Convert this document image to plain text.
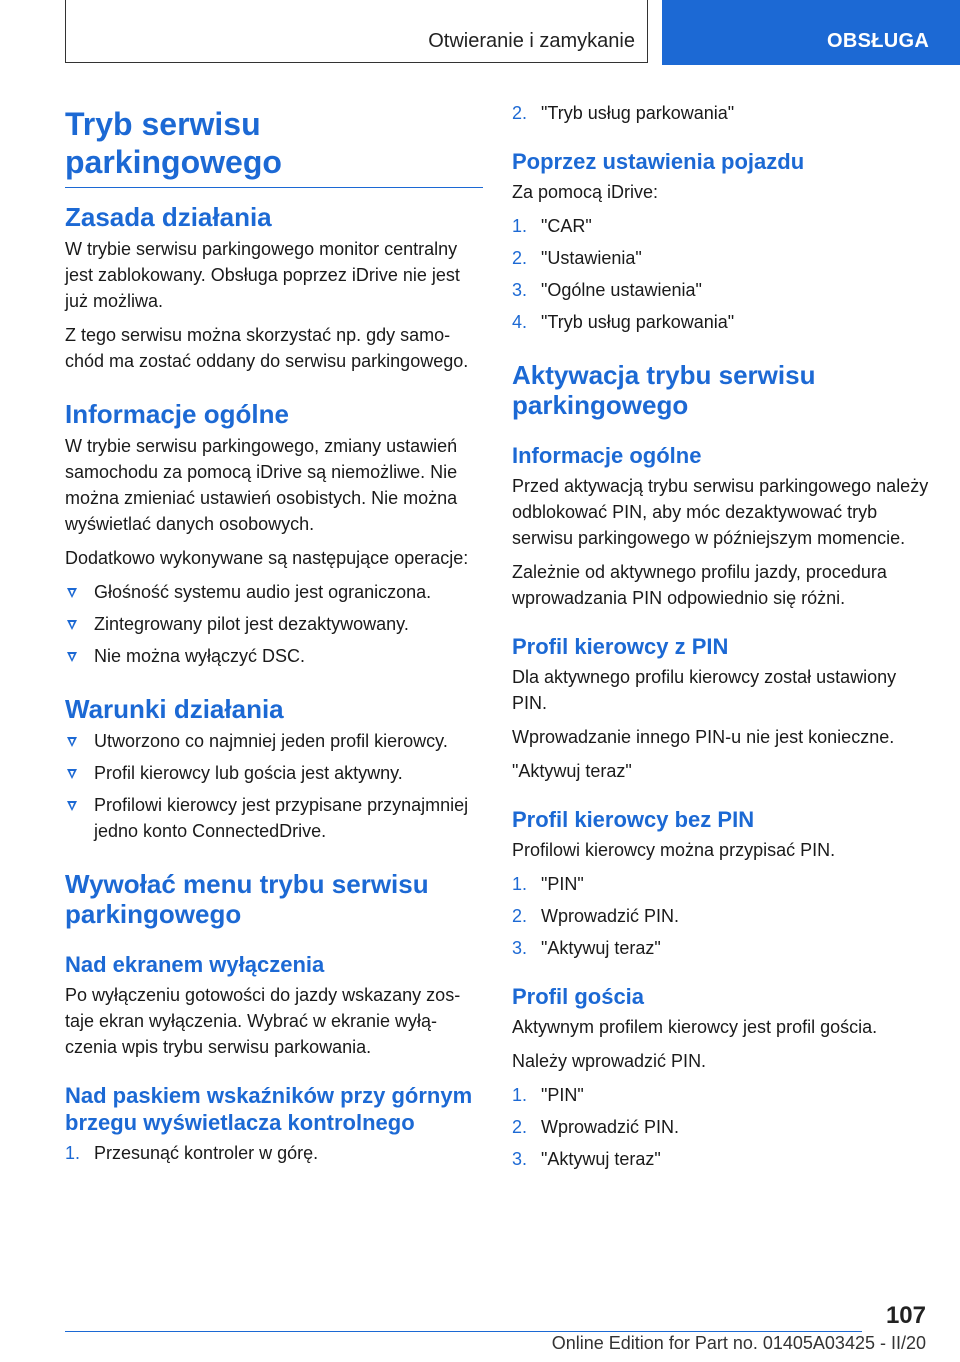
Otwieranie i zamykanie	OBSŁUGA
Tryb serwisu
parkingowego
Zasada działania

W trybie serwisu parkingowego monitor centralny jest zablokowany. Obsługa poprzez iDrive nie jest już możliwa.

Z tego serwisu można skorzystać np. gdy samochód ma zostać oddany do serwisu parkingowego.

Informacje ogólne

W trybie serwisu parkingowego, zmiany ustawień samochodu za pomocą iDrive są niemożliwe. Nie można zmieniać ustawień osobistych. Nie można wyświetlać danych osobowych.

Dodatkowo wykonywane są następujące operacje:

Głośność systemu audio jest ograniczona.
Zintegrowany pilot jest dezaktywowany.
Nie można wyłączyć DSC.
Warunki działania
Utworzono co najmniej jeden profil kierowcy.
Profil kierowcy lub gościa jest aktywny.
Profilowi kierowcy jest przypisane przynajmniej jedno konto ConnectedDrive.
Wywołać menu trybu serwisu parkingowego
Nad ekranem wyłączenia

Po wyłączeniu gotowości do jazdy wskazany zostaje ekran wyłączenia. Wybrać w ekranie wyłączenia wpis trybu serwisu parkowania.

Nad paskiem wskaźników przy górnym brzegu wyświetlacza kontrolnego
1. Przesunąć kontroler w górę.
2. "Tryb usług parkowania"
Poprzez ustawienia pojazdu

Za pomocą iDrive:

1. "CAR"
2. "Ustawienia"
3. "Ogólne ustawienia"
4. "Tryb usług parkowania"
Aktywacja trybu serwisu parkingowego
Informacje ogólne

Przed aktywacją trybu serwisu parkingowego należy odblokować PIN, aby móc dezaktywować tryb serwisu parkingowego w późniejszym momencie.

Zależnie od aktywnego profilu jazdy, procedura wprowadzania PIN odpowiednio się różni.

Profil kierowcy z PIN

Dla aktywnego profilu kierowcy został ustawiony PIN.

Wprowadzanie innego PIN-u nie jest konieczne.

"Aktywuj teraz"

Profil kierowcy bez PIN

Profilowi kierowcy można przypisać PIN.

1. "PIN"
2. Wprowadzić PIN.
3. "Aktywuj teraz"
Profil gościa

Aktywnym profilem kierowcy jest profil gościa.

Należy wprowadzić PIN.

1. "PIN"
2. Wprowadzić PIN.
3. "Aktywuj teraz"
107
Online Edition for Part no. 01405A03425 - II/20
